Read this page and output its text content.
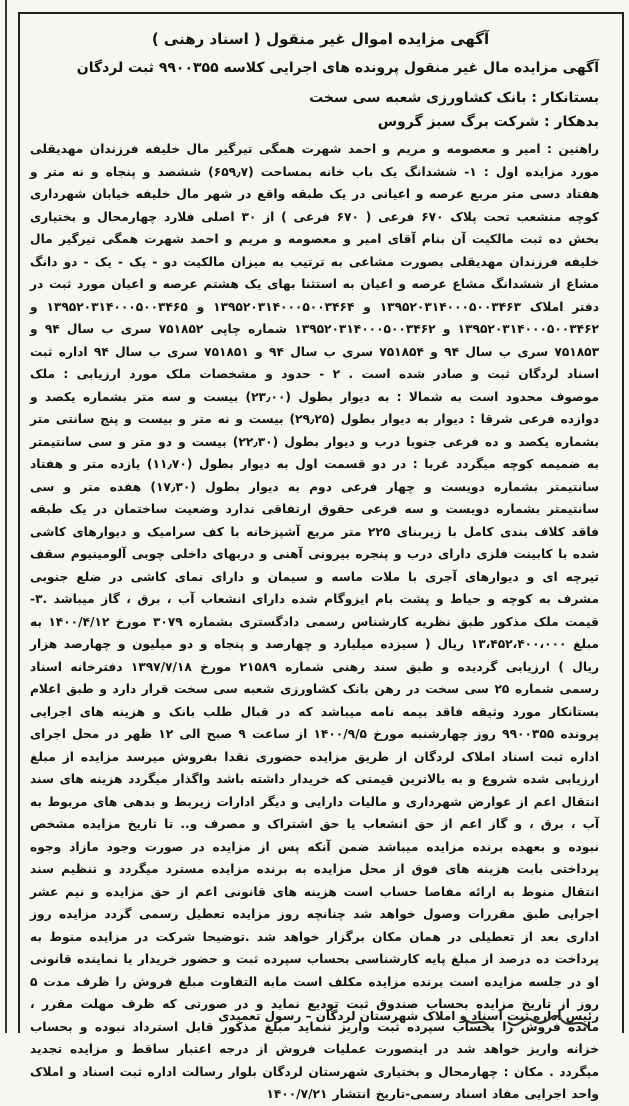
آگهی مزایده اموال غیر منقول ( اسناد رهنی )
آگهی مزایده مال غیر منقول پرونده های اجرایی کلاسه ۹۹۰۰۳۵۵ ثبت لردگان
بستانکار : بانک کشاورزی شعبه سی سخت
بدهکار : شرکت برگ سبز گروس
راهنین : امیر و معصومه و مریم و احمد شهرت همگی تیرگیر مال خلیفه فرزندان مهدیقلی مورد مزایده اول : ۱- ششدانگ یک باب خانه بمساحت (۶۵۹٫۷) ششصد و پنجاه و نه متر و هفتاد دسی متر مربع عرصه و اعیانی در یک طبقه واقع در شهر مال خلیفه خیابان شهرداری کوچه منشعب تحت پلاک ۶۷۰ فرعی ( ۶۷۰ فرعی ) از ۳۰ اصلی فلارد چهارمحال و بختیاری بخش ده ثبت مالکیت آن بنام آقای امیر و معصومه و مریم و احمد شهرت همگی تیرگیر مال خلیفه فرزندان مهدیقلی بصورت مشاعی به ترتیب به میزان مالکیت دو - یک - یک - دو دانگ مشاع از ششدانگ مشاع عرصه و اعیان به استثنا بهای یک هشتم عرصه و اعیان مورد ثبت در دفتر املاک ۱۳۹۵۲۰۳۱۴۰۰۰۵۰۰۳۴۶۳ و ۱۳۹۵۲۰۳۱۴۰۰۰۵۰۰۳۴۶۴ و ۱۳۹۵۲۰۳۱۴۰۰۰۵۰۰۳۴۶۵ و ۱۳۹۵۲۰۳۱۴۰۰۰۵۰۰۳۴۶۲ و ۱۳۹۵۲۰۳۱۴۰۰۰۵۰۰۳۴۶۲ شماره چاپی ۷۵۱۸۵۲ سری ب سال ۹۴ و ۷۵۱۸۵۳ سری ب سال ۹۴ و ۷۵۱۸۵۴ سری ب سال ۹۴ و ۷۵۱۸۵۱ سری ب سال ۹۴ اداره ثبت اسناد لردگان ثبت و صادر شده است . ۲ - حدود و مشخصات ملک مورد ارزیابی : ملک موصوف محدود است به شمالا : به دیوار بطول (۲۳٫۰۰) بیست و سه متر بشماره یکصد و دوازده فرعی شرقا : دیوار به دیوار بطول (۲۹٫۲۵) بیست و نه متر و بیست و پنج سانتی متر بشماره یکصد و ده فرعی جنوبا درب و دیوار بطول (۲۲٫۳۰) بیست و دو متر و سی سانتیمتر به ضمیمه کوچه میگردد غربا : در دو قسمت اول به دیوار بطول (۱۱٫۷۰) یازده متر و هفتاد سانتیمتر بشماره دویست و چهار فرعی دوم به دیوار بطول (۱۷٫۳۰) هفده متر و سی سانتیمتر بشماره دویست و سه فرعی حقوق ارتفاقی ندارد وضعیت ساختمان در یک طبقه فاقد کلاف بندی کامل با زیربنای ۲۲۵ متر مربع آشپزخانه با کف سرامیک و دیوارهای کاشی شده با کابینت فلزی دارای درب و پنجره بیرونی آهنی و دربهای داخلی چوبی آلومینیوم سقف تیرچه ای و دیوارهای آجری با ملات ماسه و سیمان و دارای نمای کاشی در ضلع جنوبی مشرف به کوچه و حیاط و پشت بام ایزوگام شده دارای انشعاب آب ، برق ، گاز میباشد .۳- قیمت ملک مذکور طبق نظریه کارشناس رسمی دادگستری بشماره ۳۰۷۹ مورخ ۱۴۰۰/۴/۱۲ به مبلغ ۱۳،۴۵۲،۴۰۰،۰۰۰ ریال ( سیزده میلیارد و چهارصد و پنجاه و دو میلیون و چهارصد هزار ریال ) ارزیابی گردیده و طبق سند رهنی شماره ۲۱۵۸۹ مورخ ۱۳۹۷/۷/۱۸ دفترخانه اسناد رسمی شماره ۲۵ سی سخت در رهن بانک کشاورزی شعبه سی سخت قرار دارد و طبق اعلام بستانکار مورد وثیقه فاقد بیمه نامه میباشد که در قبال طلب بانک و هزینه های اجرایی پرونده ۹۹۰۰۳۵۵ روز چهارشنبه مورخ ۱۴۰۰/۹/۵ از ساعت ۹ صبح الی ۱۲ ظهر در محل اجرای اداره ثبت اسناد املاک لردگان از طریق مزایده حضوری نقدا بفروش میرسد مزایده از مبلغ ارزیابی شده شروع و به بالاترین قیمتی که خریدار داشته باشد واگذار میگردد هزینه های سند انتقال اعم از عوارض شهرداری و مالیات دارایی و دیگر ادارات زیربط و بدهی های مربوط به آب ، برق ، و گاز اعم از حق انشعاب یا حق اشتراک و مصرف و.. تا تاریخ مزایده مشخص نبوده و بعهده برنده مزایده میباشد ضمن آنکه پس از مزایده در صورت وجود مازاد وجوه پرداختی بابت هزینه های فوق از محل مزایده به برنده مزایده مسترد میگردد و تنظیم سند انتقال منوط به ارائه مفاصا حساب است هزینه های قانونی اعم از حق مزایده و نیم عشر اجرایی طبق مقررات وصول خواهد شد چنانچه روز مزایده تعطیل رسمی گردد مزایده روز اداری بعد از تعطیلی در همان مکان برگزار خواهد شد .توضیحا شرکت در مزایده منوط به پرداخت ده درصد از مبلغ پایه کارشناسی بحساب سپرده ثبت و حضور خریدار یا نماینده قانونی او در جلسه مزایده است برنده مزایده مکلف است مابه التفاوت مبلغ فروش را ظرف مدت ۵ روز از تاریخ مزایده بحساب صندوق ثبت تودیع نماید و در صورتی که ظرف مهلت مقرر ، مانده فروش را بحساب سپرده ثبت واریز ننماید مبلغ مذکور قابل استرداد نبوده و بحساب خزانه واریز خواهد شد در اینصورت عملیات فروش از درجه اعتبار ساقط و مزایده تجدید میگردد . مکان : چهارمحال و بختیاری شهرستان لردگان بلوار رسالت اداره ثبت اسناد و املاک واحد اجرایی مفاد اسناد رسمی-تاریخ انتشار ۱۴۰۰/۷/۲۱
رئیس اداره ثبت اسناد و املاک شهرستان لردگان – رسول تعمیدی
